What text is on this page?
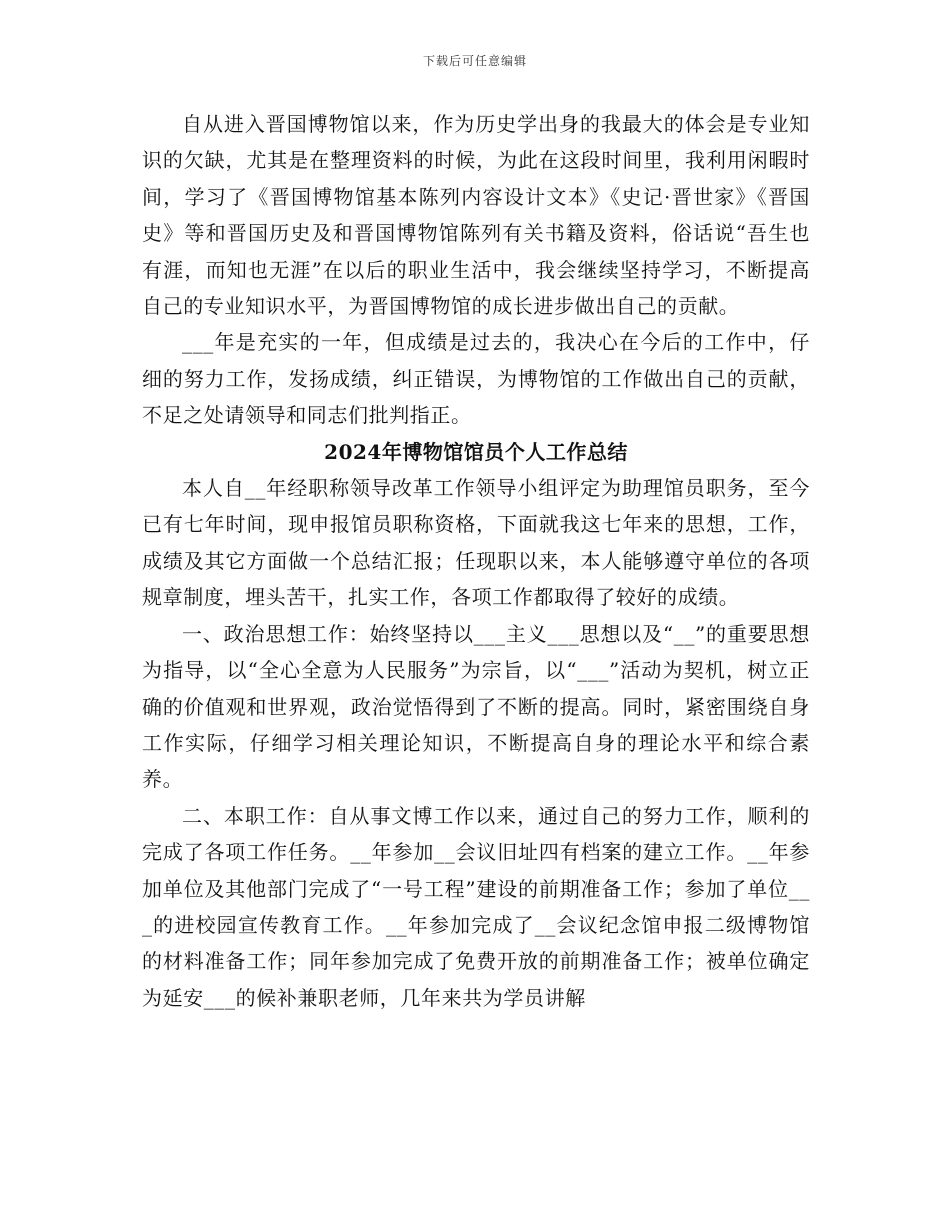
下载后可任意编辑

自从进入晋国博物馆以来，作为历史学出身的我最大的体会是专业知识的欠缺，尤其是在整理资料的时候，为此在这段时间里，我利用闲暇时间，学习了《晋国博物馆基本陈列内容设计文本》《史记·晋世家》《晋国史》等和晋国历史及和晋国博物馆陈列有关书籍及资料，俗话说“吾生也有涯，而知也无涯”在以后的职业生活中，我会继续坚持学习，不断提高自己的专业知识水平，为晋国博物馆的成长进步做出自己的贡献。

___年是充实的一年，但成绩是过去的，我决心在今后的工作中，仔细的努力工作，发扬成绩，纠正错误，为博物馆的工作做出自己的贡献，不足之处请领导和同志们批判指正。

2024年博物馆馆员个人工作总结

本人自__年经职称领导改革工作领导小组评定为助理馆员职务，至今已有七年时间，现申报馆员职称资格，下面就我这七年来的思想，工作，成绩及其它方面做一个总结汇报；任现职以来，本人能够遵守单位的各项规章制度，埋头苦干，扎实工作，各项工作都取得了较好的成绩。

一、政治思想工作：始终坚持以___主义___思想以及“__”的重要思想为指导，以“全心全意为人民服务”为宗旨，以“___”活动为契机，树立正确的价值观和世界观，政治觉悟得到了不断的提高。同时，紧密围绕自身工作实际，仔细学习相关理论知识，不断提高自身的理论水平和综合素养。

二、本职工作：自从事文博工作以来，通过自己的努力工作，顺利的完成了各项工作任务。__年参加__会议旧址四有档案的建立工作。__年参加单位及其他部门完成了“一号工程”建设的前期准备工作；参加了单位___的进校园宣传教育工作。__年参加完成了__会议纪念馆申报二级博物馆的材料准备工作；同年参加完成了免费开放的前期准备工作；被单位确定为延安___的候补兼职老师，几年来共为学员讲解
